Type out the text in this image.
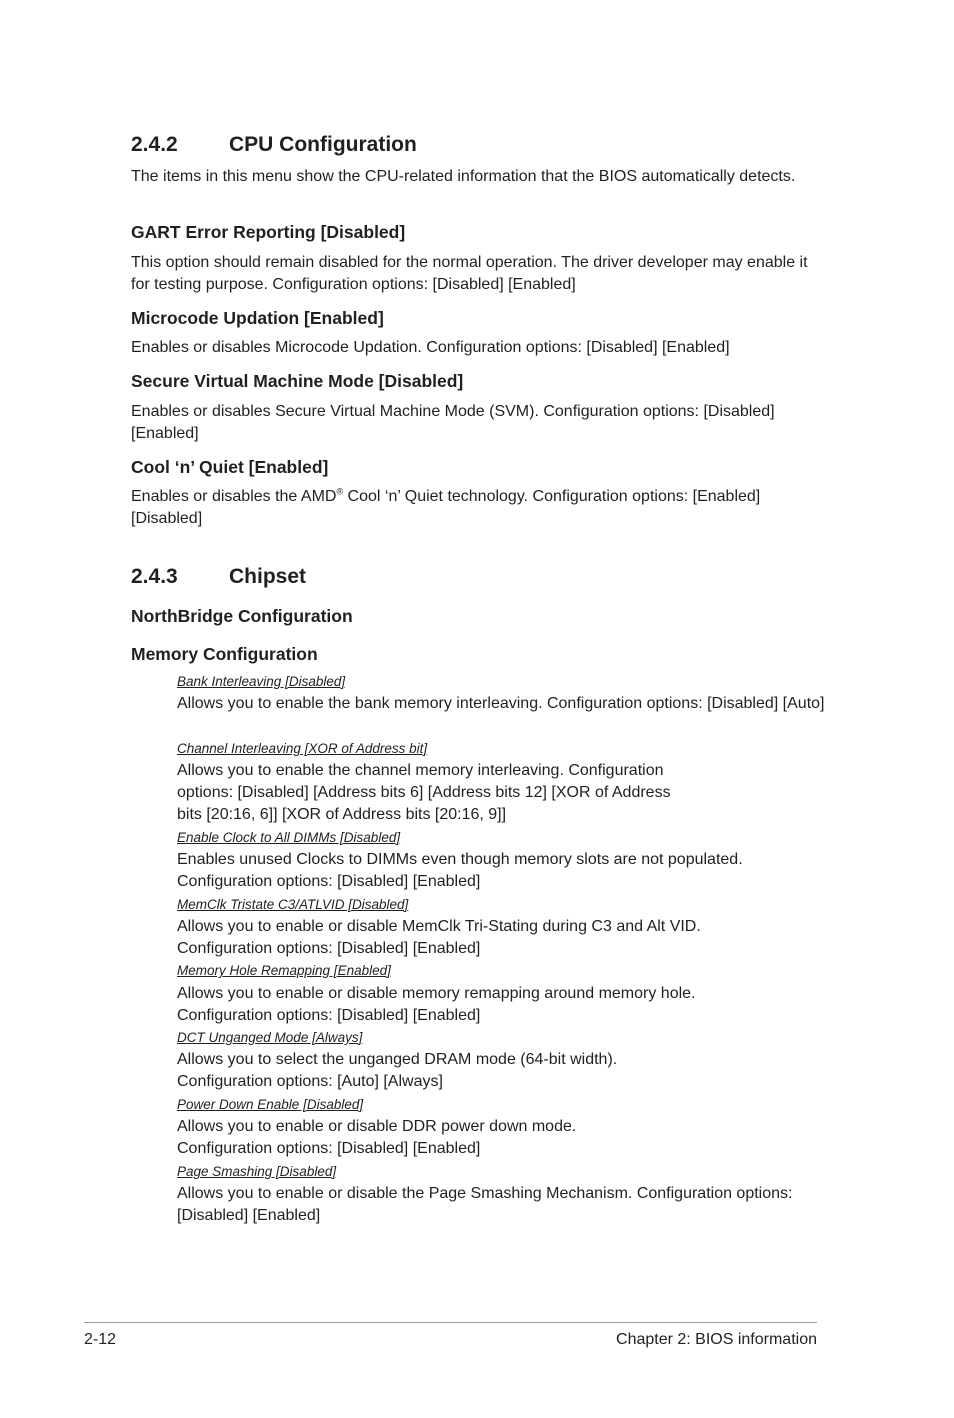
2.4.2 CPU Configuration

The items in this menu show the CPU-related information that the BIOS automatically detects.

GART Error Reporting [Disabled]

This option should remain disabled for the normal operation. The driver developer may enable it for testing purpose. Configuration options: [Disabled] [Enabled]

Microcode Updation [Enabled]

Enables or disables Microcode Updation. Configuration options: [Disabled] [Enabled]

Secure Virtual Machine Mode [Disabled]

Enables or disables Secure Virtual Machine Mode (SVM). Configuration options: [Disabled] [Enabled]

Cool ‘n’ Quiet [Enabled]

Enables or disables the AMD® Cool ‘n’ Quiet technology. Configuration options: [Enabled] [Disabled]

2.4.3 Chipset
NorthBridge Configuration
Memory Configuration

Bank Interleaving [Disabled]

Allows you to enable the bank memory interleaving. Configuration options: [Disabled] [Auto]

Channel Interleaving [XOR of Address bit]

Allows you to enable the channel memory interleaving. Configuration options: [Disabled] [Address bits 6] [Address bits 12] [XOR of Address bits [20:16, 6]] [XOR of Address bits [20:16, 9]]

Enable Clock to All DIMMs [Disabled]

Enables unused Clocks to DIMMs even though memory slots are not populated. Configuration options: [Disabled] [Enabled]

MemClk Tristate C3/ATLVID [Disabled]

Allows you to enable or disable MemClk Tri-Stating during C3 and Alt VID. Configuration options: [Disabled] [Enabled]

Memory Hole Remapping [Enabled]

Allows you to enable or disable memory remapping around memory hole. Configuration options: [Disabled] [Enabled]

DCT Unganged Mode [Always]

Allows you to select the unganged DRAM mode (64-bit width). Configuration options: [Auto] [Always]

Power Down Enable [Disabled]

Allows you to enable or disable DDR power down mode. Configuration options: [Disabled] [Enabled]

Page Smashing [Disabled]

Allows you to enable or disable the Page Smashing Mechanism. Configuration options: [Disabled] [Enabled]

2-12	Chapter 2: BIOS information
